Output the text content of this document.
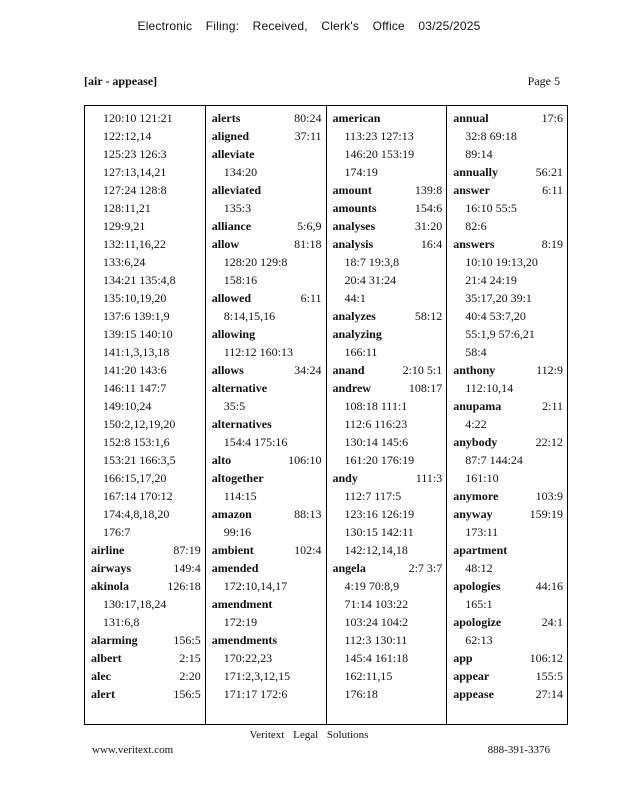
Electronic Filing: Received, Clerk's Office 03/25/2025
[air - appease]	Page 5
120:10 121:21
122:12,14
125:23 126:3
127:13,14,21
127:24 128:8
128:11,21
129:9,21
132:11,16,22
133:6,24
134:21 135:4,8
135:10,19,20
137:6 139:1,9
139:15 140:10
141:1,3,13,18
141:20 143:6
146:11 147:7
149:10,24
150:2,12,19,20
152:8 153:1,6
153:21 166:3,5
166:15,17,20
167:14 170:12
174:4,8,18,20
176:7
airline	87:19
airways	149:4
akinola	126:18
130:17,18,24
131:6,8
alarming	156:5
albert	2:15
alec	2:20
alert	156:5
alerts	80:24
aligned	37:11
alleviate
134:20
alleviated
135:3
alliance	5:6,9
allow	81:18
128:20 129:8
158:16
allowed	6:11
8:14,15,16
allowing
112:12 160:13
allows	34:24
alternative
35:5
alternatives
154:4 175:16
alto	106:10
altogether
114:15
amazon	88:13
99:16
ambient	102:4
amended
172:10,14,17
amendment
172:19
amendments
170:22,23
171:2,3,12,15
171:17 172:6
american
113:23 127:13
146:20 153:19
174:19
amount	139:8
amounts	154:6
analyses	31:20
analysis	16:4
18:7 19:3,8
20:4 31:24
44:1
analyzes	58:12
analyzing
166:11
anand	2:10 5:1
andrew	108:17
108:18 111:1
112:6 116:23
130:14 145:6
161:20 176:19
andy	111:3
112:7 117:5
123:16 126:19
130:15 142:11
142:12,14,18
angela	2:7 3:7
4:19 70:8,9
71:14 103:22
103:24 104:2
112:3 130:11
145:4 161:18
162:11,15
176:18
annual	17:6
32:8 69:18
89:14
annually	56:21
answer	6:11
16:10 55:5
82:6
answers	8:19
10:10 19:13,20
21:4 24:19
35:17,20 39:1
40:4 53:7,20
55:1,9 57:6,21
58:4
anthony	112:9
112:10,14
anupama	2:11
4:22
anybody	22:12
87:7 144:24
161:10
anymore	103:9
anyway	159:19
173:11
apartment
48:12
apologies	44:16
165:1
apologize	24:1
62:13
app	106:12
appear	155:5
appease	27:14
Veritext Legal Solutions
www.veritext.com	888-391-3376
